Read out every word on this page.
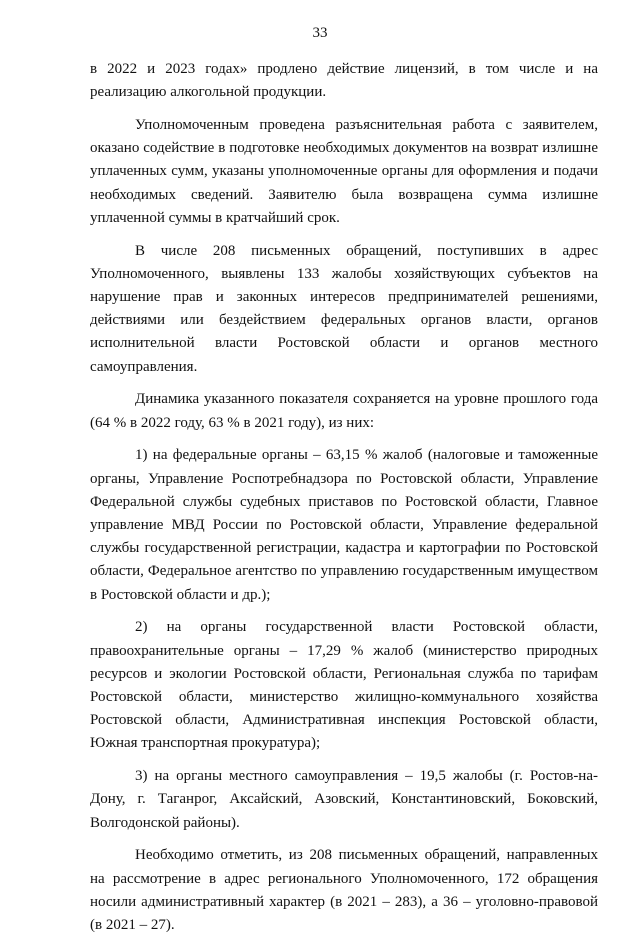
33

в 2022 и 2023 годах» продлено действие лицензий, в том числе и на реализацию алкогольной продукции.

Уполномоченным проведена разъяснительная работа с заявителем, оказано содействие в подготовке необходимых документов на возврат излишне уплаченных сумм, указаны уполномоченные органы для оформления и подачи необходимых сведений. Заявителю была возвращена сумма излишне уплаченной суммы в кратчайший срок.

В числе 208 письменных обращений, поступивших в адрес Уполномоченного, выявлены 133 жалобы хозяйствующих субъектов на нарушение прав и законных интересов предпринимателей решениями, действиями или бездействием федеральных органов власти, органов исполнительной власти Ростовской области и органов местного самоуправления.

Динамика указанного показателя сохраняется на уровне прошлого года (64 % в 2022 году, 63 % в 2021 году), из них:

1) на федеральные органы – 63,15 % жалоб (налоговые и таможенные органы, Управление Роспотребнадзора по Ростовской области, Управление Федеральной службы судебных приставов по Ростовской области, Главное управление МВД России по Ростовской области, Управление федеральной службы государственной регистрации, кадастра и картографии по Ростовской области, Федеральное агентство по управлению государственным имуществом в Ростовской области и др.);

2) на органы государственной власти Ростовской области, правоохранительные органы – 17,29 % жалоб (министерство природных ресурсов и экологии Ростовской области, Региональная служба по тарифам Ростовской области, министерство жилищно-коммунального хозяйства Ростовской области, Административная инспекция Ростовской области, Южная транспортная прокуратура);

3) на органы местного самоуправления – 19,5 жалобы (г. Ростов-на-Дону, г. Таганрог, Аксайский, Азовский, Константиновский, Боковский, Волгодонской районы).

Необходимо отметить, из 208 письменных обращений, направленных на рассмотрение в адрес регионального Уполномоченного, 172 обращения носили административный характер (в 2021 – 283), а 36 – уголовно-правовой (в 2021 – 27).
